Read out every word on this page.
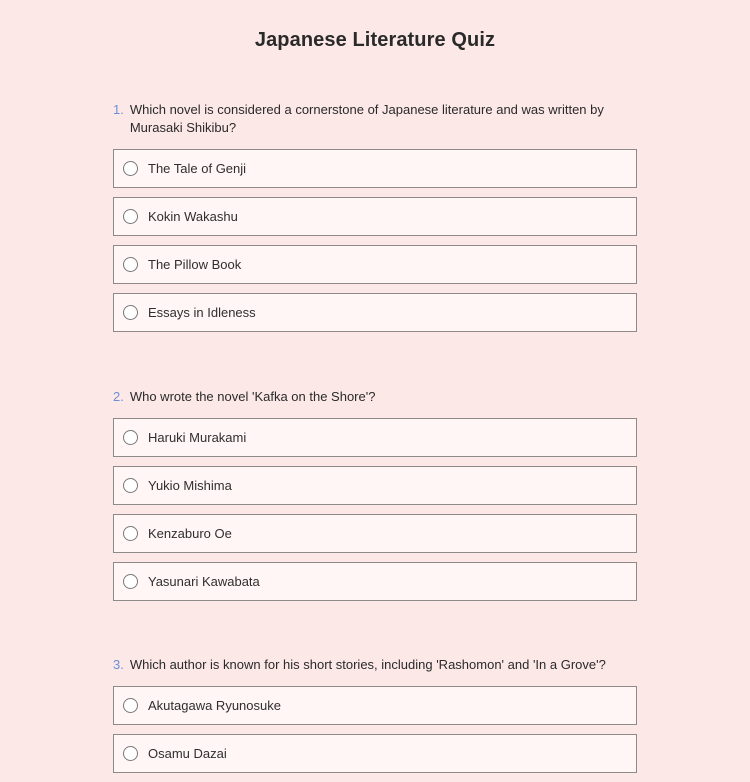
Japanese Literature Quiz
1. Which novel is considered a cornerstone of Japanese literature and was written by Murasaki Shikibu?
The Tale of Genji
Kokin Wakashu
The Pillow Book
Essays in Idleness
2. Who wrote the novel 'Kafka on the Shore'?
Haruki Murakami
Yukio Mishima
Kenzaburo Oe
Yasunari Kawabata
3. Which author is known for his short stories, including 'Rashomon' and 'In a Grove'?
Akutagawa Ryunosuke
Osamu Dazai
